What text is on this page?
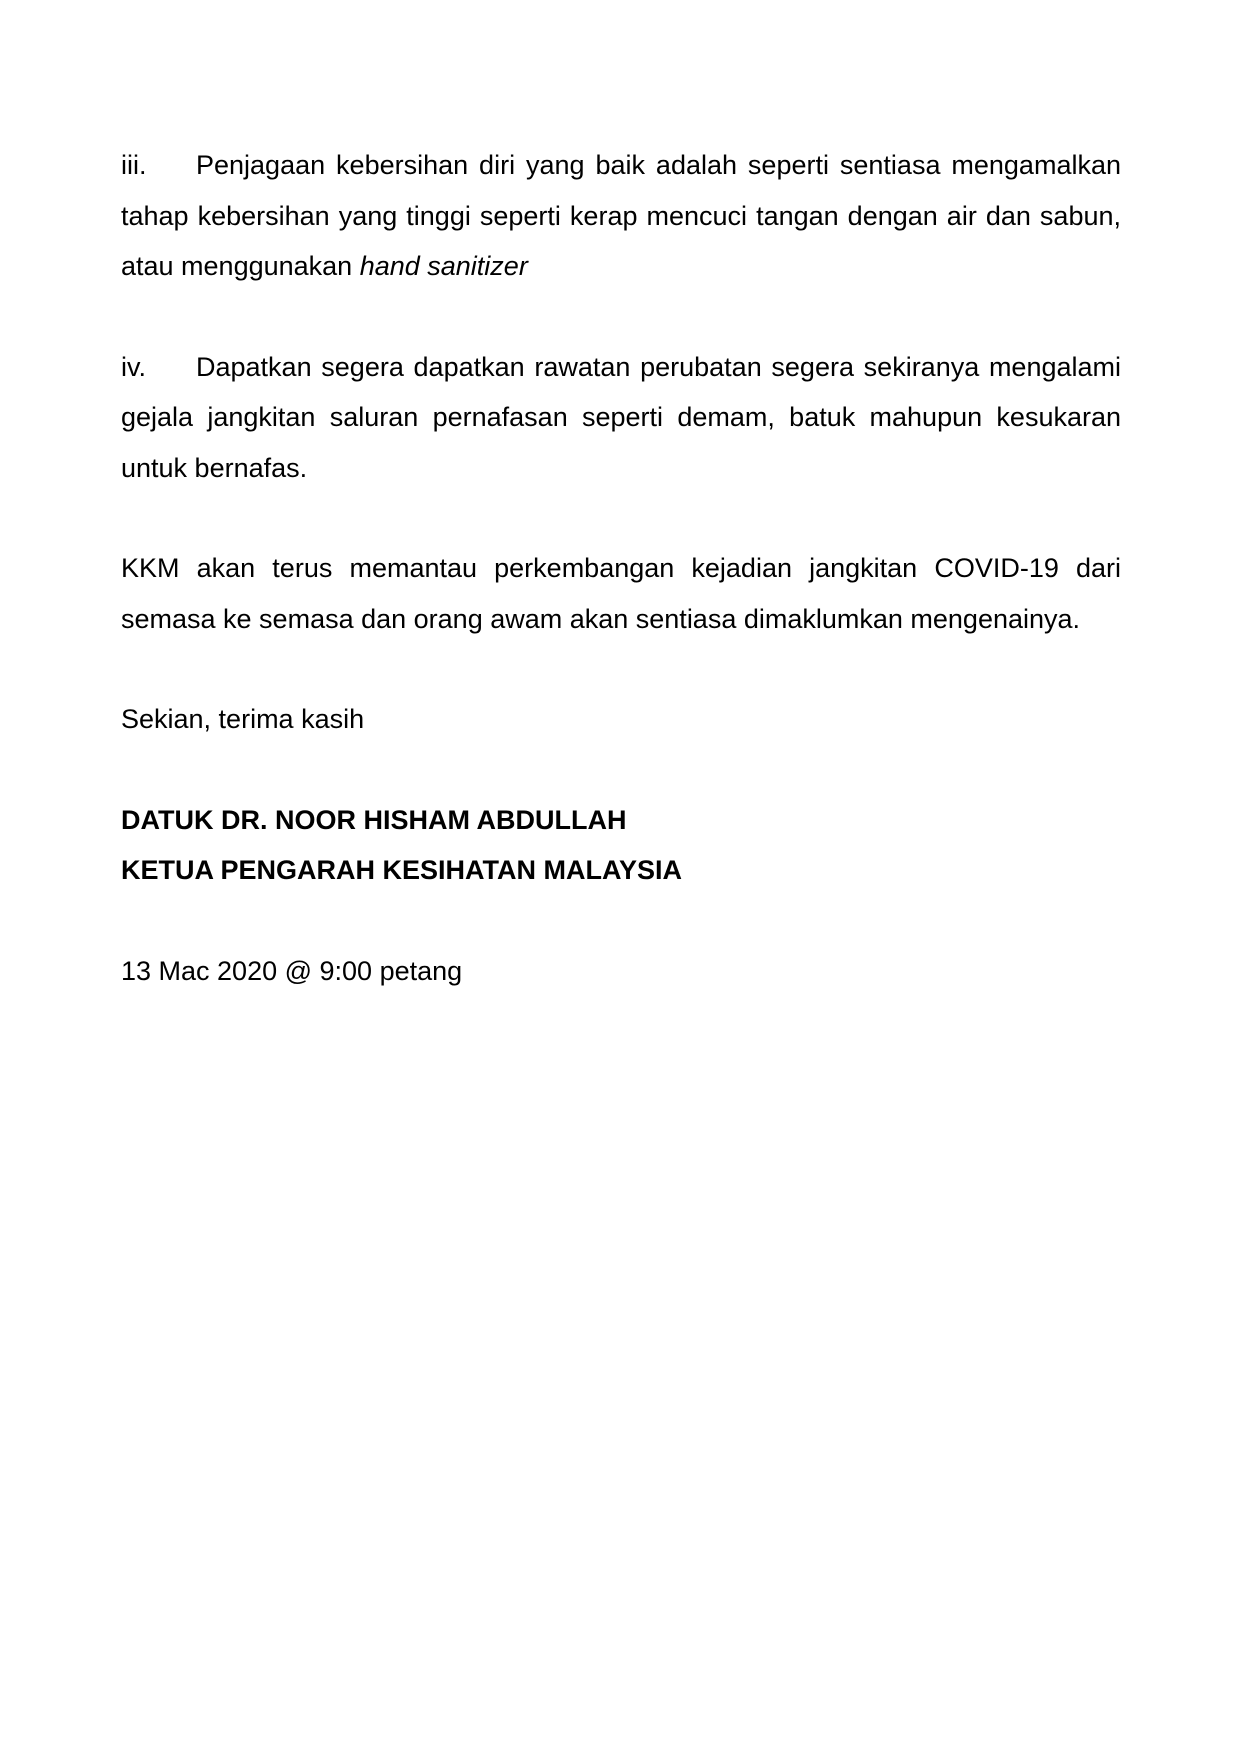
iii. Penjagaan kebersihan diri yang baik adalah seperti sentiasa mengamalkan tahap kebersihan yang tinggi seperti kerap mencuci tangan dengan air dan sabun, atau menggunakan hand sanitizer

iv. Dapatkan segera dapatkan rawatan perubatan segera sekiranya mengalami gejala jangkitan saluran pernafasan seperti demam, batuk mahupun kesukaran untuk bernafas.

KKM akan terus memantau perkembangan kejadian jangkitan COVID-19 dari semasa ke semasa dan orang awam akan sentiasa dimaklumkan mengenainya.

Sekian, terima kasih

DATUK DR. NOOR HISHAM ABDULLAH
KETUA PENGARAH KESIHATAN MALAYSIA

13 Mac 2020 @ 9:00 petang
